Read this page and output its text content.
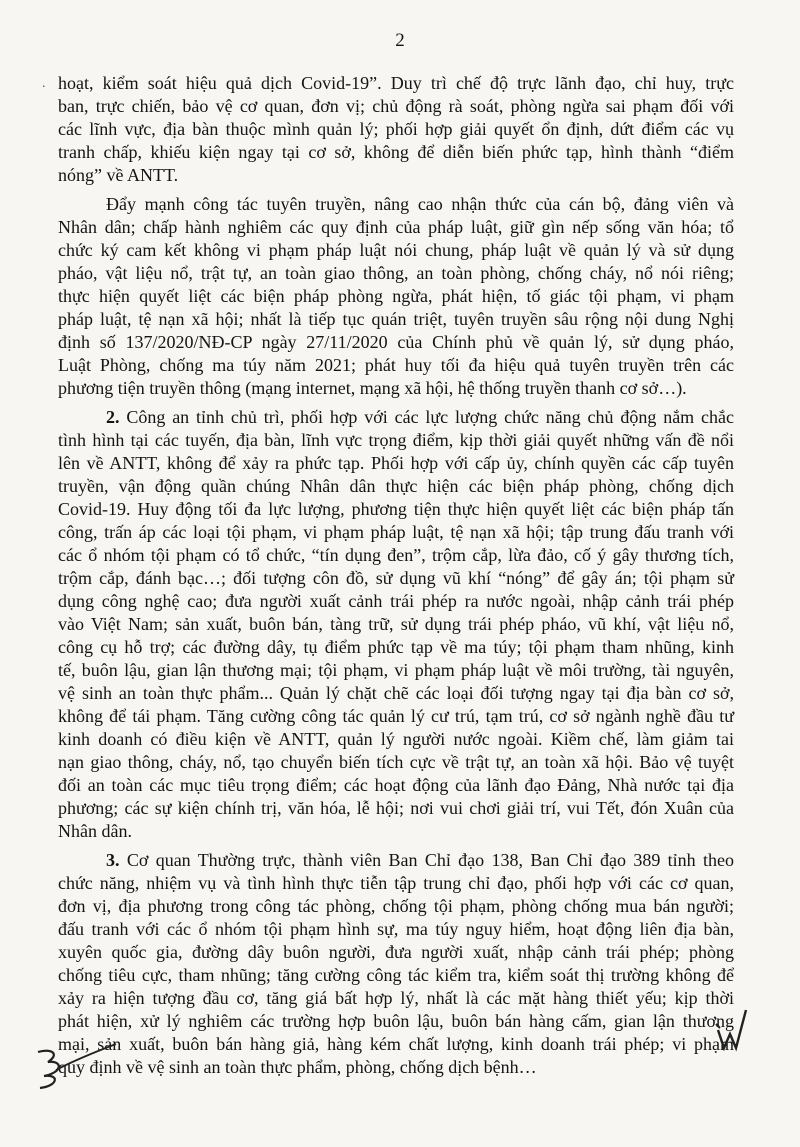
2
. hoạt, kiểm soát hiệu quả dịch Covid-19”. Duy trì chế độ trực lãnh đạo, chỉ huy, trực
ban, trực chiến, bảo vệ cơ quan, đơn vị; chủ động rà soát, phòng ngừa sai phạm đối với
các lĩnh vực, địa bàn thuộc mình quản lý; phối hợp giải quyết ổn định, dứt điểm các vụ
tranh chấp, khiếu kiện ngay tại cơ sở, không để diễn biến phức tạp, hình thành “điểm
nóng” về ANTT.
Đẩy mạnh công tác tuyên truyền, nâng cao nhận thức của cán bộ, đảng viên và
Nhân dân; chấp hành nghiêm các quy định của pháp luật, giữ gìn nếp sống văn hóa; tổ
chức ký cam kết không vi phạm pháp luật nói chung, pháp luật về quản lý và sử dụng
pháo, vật liệu nổ, trật tự, an toàn giao thông, an toàn phòng, chống cháy, nổ nói riêng;
thực hiện quyết liệt các biện pháp phòng ngừa, phát hiện, tố giác tội phạm, vi phạm
pháp luật, tệ nạn xã hội; nhất là tiếp tục quán triệt, tuyên truyền sâu rộng nội dung Nghị
định số 137/2020/NĐ-CP ngày 27/11/2020 của Chính phủ về quản lý, sử dụng pháo,
Luật Phòng, chống ma túy năm 2021; phát huy tối đa hiệu quả tuyên truyền trên các
phương tiện truyền thông (mạng internet, mạng xã hội, hệ thống truyền thanh cơ sở…).
2. Công an tỉnh chủ trì, phối hợp với các lực lượng chức năng chủ động nắm chắc
tình hình tại các tuyến, địa bàn, lĩnh vực trọng điểm, kịp thời giải quyết những vấn đề nổi
lên về ANTT, không để xảy ra phức tạp. Phối hợp với cấp ủy, chính quyền các cấp tuyên
truyền, vận động quần chúng Nhân dân thực hiện các biện pháp phòng, chống dịch
Covid-19. Huy động tối đa lực lượng, phương tiện thực hiện quyết liệt các biện pháp tấn
công, trấn áp các loại tội phạm, vi phạm pháp luật, tệ nạn xã hội; tập trung đấu tranh với
các ổ nhóm tội phạm có tổ chức, “tín dụng đen”, trộm cắp, lừa đảo, cố ý gây thương tích,
trộm cắp, đánh bạc…; đối tượng côn đồ, sử dụng vũ khí “nóng” để gây án; tội phạm sử
dụng công nghệ cao; đưa người xuất cảnh trái phép ra nước ngoài, nhập cảnh trái phép
vào Việt Nam; sản xuất, buôn bán, tàng trữ, sử dụng trái phép pháo, vũ khí, vật liệu nổ,
công cụ hỗ trợ; các đường dây, tụ điểm phức tạp về ma túy; tội phạm tham nhũng, kinh
tế, buôn lậu, gian lận thương mại; tội phạm, vi phạm pháp luật về môi trường, tài nguyên,
vệ sinh an toàn thực phẩm... Quản lý chặt chẽ các loại đối tượng ngay tại địa bàn cơ sở,
không để tái phạm. Tăng cường công tác quản lý cư trú, tạm trú, cơ sở ngành nghề đầu tư
kinh doanh có điều kiện về ANTT, quản lý người nước ngoài. Kiềm chế, làm giảm tai
nạn giao thông, cháy, nổ, tạo chuyển biến tích cực về trật tự, an toàn xã hội. Bảo vệ tuyệt
đối an toàn các mục tiêu trọng điểm; các hoạt động của lãnh đạo Đảng, Nhà nước tại địa
phương; các sự kiện chính trị, văn hóa, lễ hội; nơi vui chơi giải trí, vui Tết, đón Xuân của
Nhân dân.
3. Cơ quan Thường trực, thành viên Ban Chỉ đạo 138, Ban Chỉ đạo 389 tỉnh theo
chức năng, nhiệm vụ và tình hình thực tiễn tập trung chỉ đạo, phối hợp với các cơ quan,
đơn vị, địa phương trong công tác phòng, chống tội phạm, phòng chống mua bán người;
đấu tranh với các ổ nhóm tội phạm hình sự, ma túy nguy hiểm, hoạt động liên địa bàn,
xuyên quốc gia, đường dây buôn người, đưa người xuất, nhập cảnh trái phép; phòng
chống tiêu cực, tham nhũng; tăng cường công tác kiểm tra, kiểm soát thị trường không để
xảy ra hiện tượng đầu cơ, tăng giá bất hợp lý, nhất là các mặt hàng thiết yếu; kịp thời
phát hiện, xử lý nghiêm các trường hợp buôn lậu, buôn bán hàng cấm, gian lận thương
mại, sản xuất, buôn bán hàng giả, hàng kém chất lượng, kinh doanh trái phép; vi phạm
quy định về vệ sinh an toàn thực phẩm, phòng, chống dịch bệnh…
